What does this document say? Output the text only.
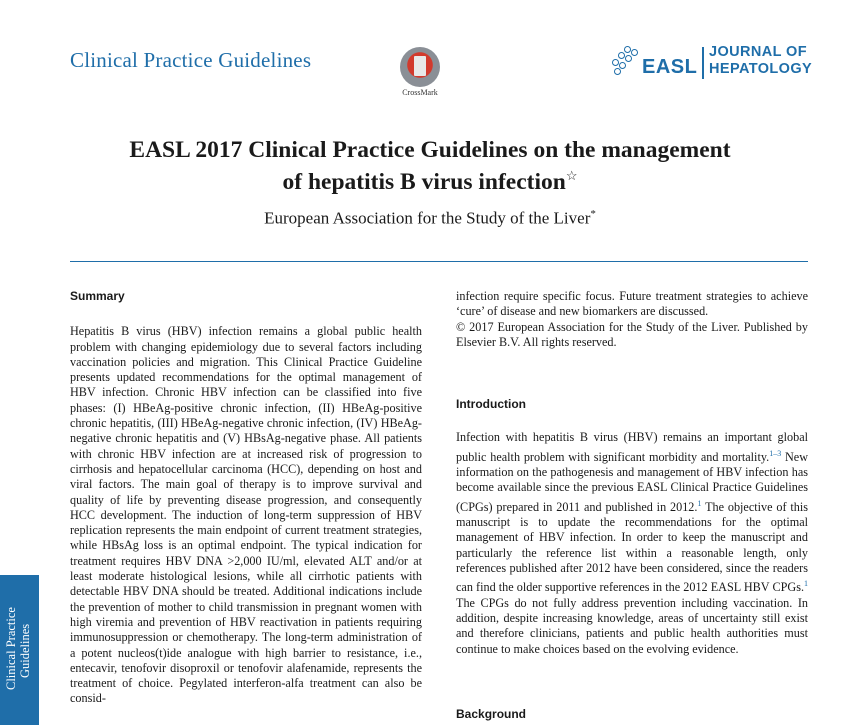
Clinical Practice Guidelines
CrossMark
EASL
JOURNAL OF
HEPATOLOGY
EASL 2017 Clinical Practice Guidelines on the management
of hepatitis B virus infection☆
European Association for the Study of the Liver*
Summary

Hepatitis B virus (HBV) infection remains a global public health problem with changing epidemiology due to several factors including vaccination policies and migration. This Clinical Practice Guideline presents updated recommendations for the optimal management of HBV infection. Chronic HBV infection can be classified into five phases: (I) HBeAg-positive chronic infection, (II) HBeAg-positive chronic hepatitis, (III) HBeAg-negative chronic infection, (IV) HBeAg-negative chronic hepatitis and (V) HBsAg-negative phase. All patients with chronic HBV infection are at increased risk of progression to cirrhosis and hepatocellular carcinoma (HCC), depending on host and viral factors. The main goal of therapy is to improve survival and quality of life by preventing disease progression, and consequently HCC development. The induction of long-term suppression of HBV replication represents the main endpoint of current treatment strategies, while HBsAg loss is an optimal endpoint. The typical indication for treatment requires HBV DNA >2,000 IU/ml, elevated ALT and/or at least moderate histological lesions, while all cirrhotic patients with detectable HBV DNA should be treated. Additional indications include the prevention of mother to child transmission in pregnant women with high viremia and prevention of HBV reactivation in patients requiring immunosuppression or chemotherapy. The long-term administration of a potent nucleos(t)ide analogue with high barrier to resistance, i.e., entecavir, tenofovir disoproxil or tenofovir alafenamide, represents the treatment of choice. Pegylated interferon-alfa treatment can also be consid-

infection require specific focus. Future treatment strategies to achieve ‘cure’ of disease and new biomarkers are discussed.

© 2017 European Association for the Study of the Liver. Published by Elsevier B.V. All rights reserved.

Introduction

Infection with hepatitis B virus (HBV) remains an important global public health problem with significant morbidity and mortality.$^{1-3}$ New information on the pathogenesis and management of HBV infection has become available since the previous EASL Clinical Practice Guidelines (CPGs) prepared in 2011 and published in 2012.$^1$ The objective of this manuscript is to update the recommendations for the optimal management of HBV infection. In order to keep the manuscript and particularly the reference list within a reasonable length, only references published after 2012 have been considered, since the readers can find the older supportive references in the 2012 EASL HBV CPGs.$^1$ The CPGs do not fully address prevention including vaccination. In addition, despite increasing knowledge, areas of uncertainty still exist and therefore clinicians, patients and public health authorities must continue to make choices based on the evolving evidence.

Background
Clinical Practice Guidelines
